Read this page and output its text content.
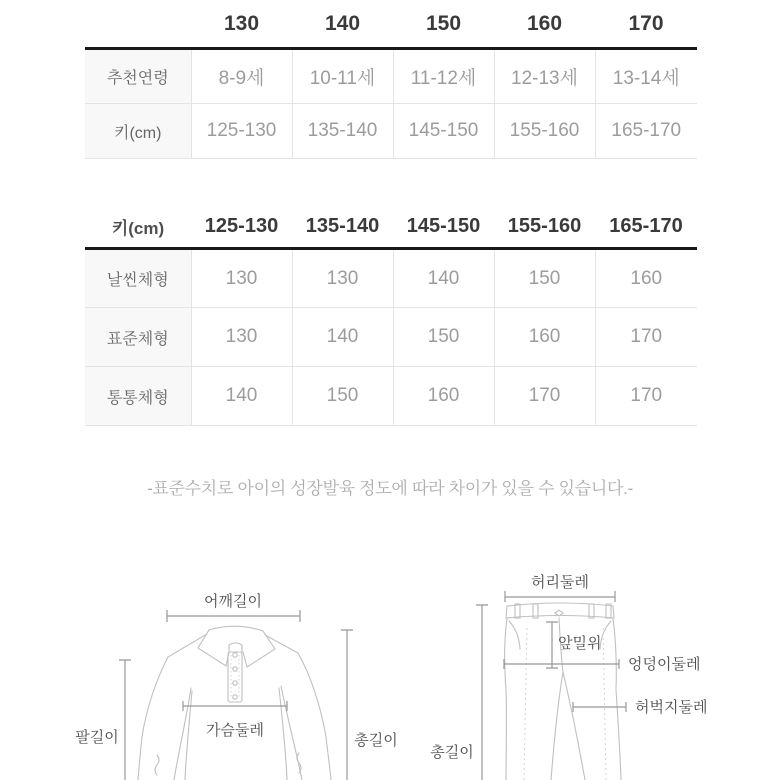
	130	140	150	160	170
추천연령	8-9세	10-11세	11-12세	12-13세	13-14세
키(cm)	125-130	135-140	145-150	155-160	165-170
키(cm)	125-130	135-140	145-150	155-160	165-170
날씬체형	130	130	140	150	160
표준체형	130	140	150	160	170
통통체형	140	150	160	170	170
-표준수치로 아이의 성장발육 정도에 따라 차이가 있을 수 있습니다.-
어깨길이
팔길이	가슴둘레
총길이
허리둘레
총길이
앞밀위
엉덩이둘레
허벅지둘레
